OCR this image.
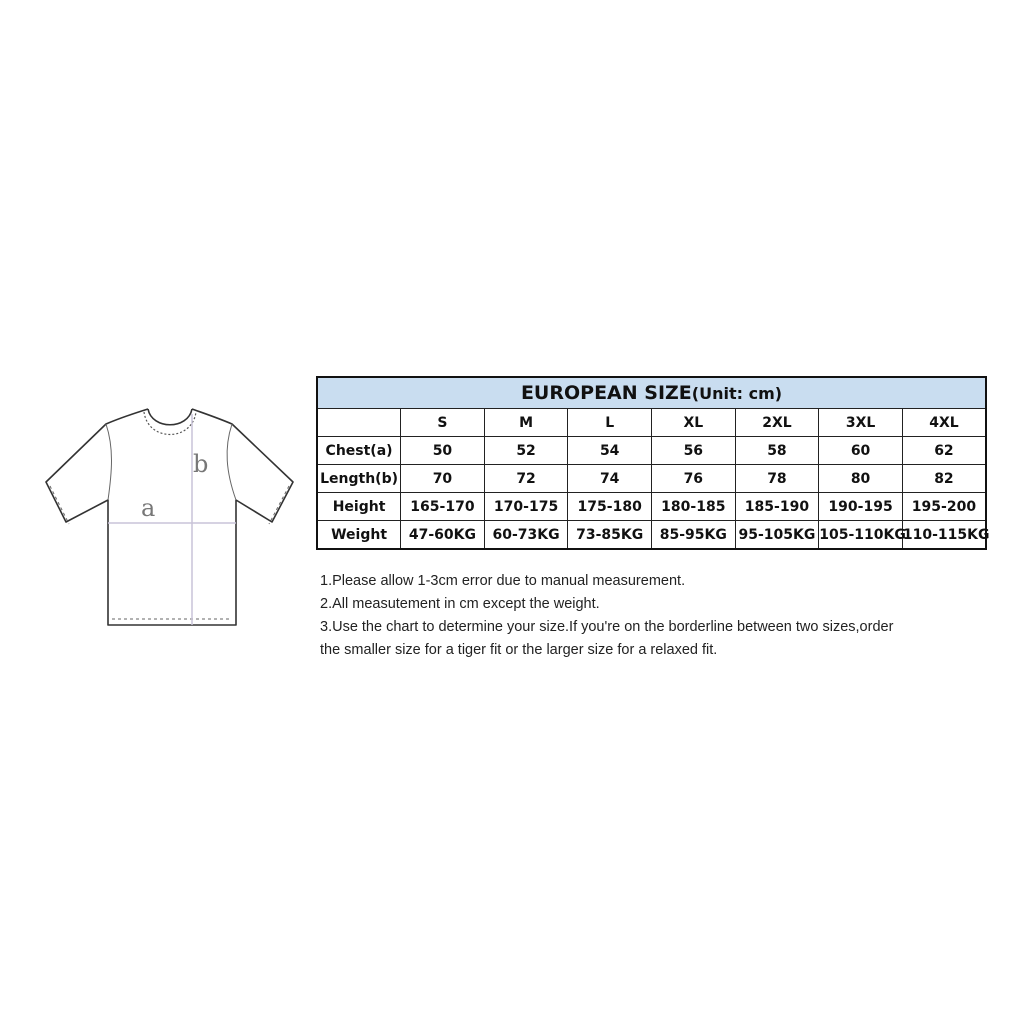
a
b
EUROPEAN SIZE(Unit: cm)							
	S	M	L	XL	2XL	3XL	4XL
Chest(a)	50	52	54	56	58	60	62
Length(b)	70	72	74	76	78	80	82
Height	165-170	170-175	175-180	180-185	185-190	190-195	195-200
Weight	47-60KG	60-73KG	73-85KG	85-95KG	95-105KG	105-110KG	110-115KG

1.Please allow 1-3cm error due to manual measurement.

2.All measutement in cm except the weight.

3.Use the chart to determine your size.If you're on the borderline between two sizes,order

the smaller size for a tiger fit or the larger size for a relaxed fit.
